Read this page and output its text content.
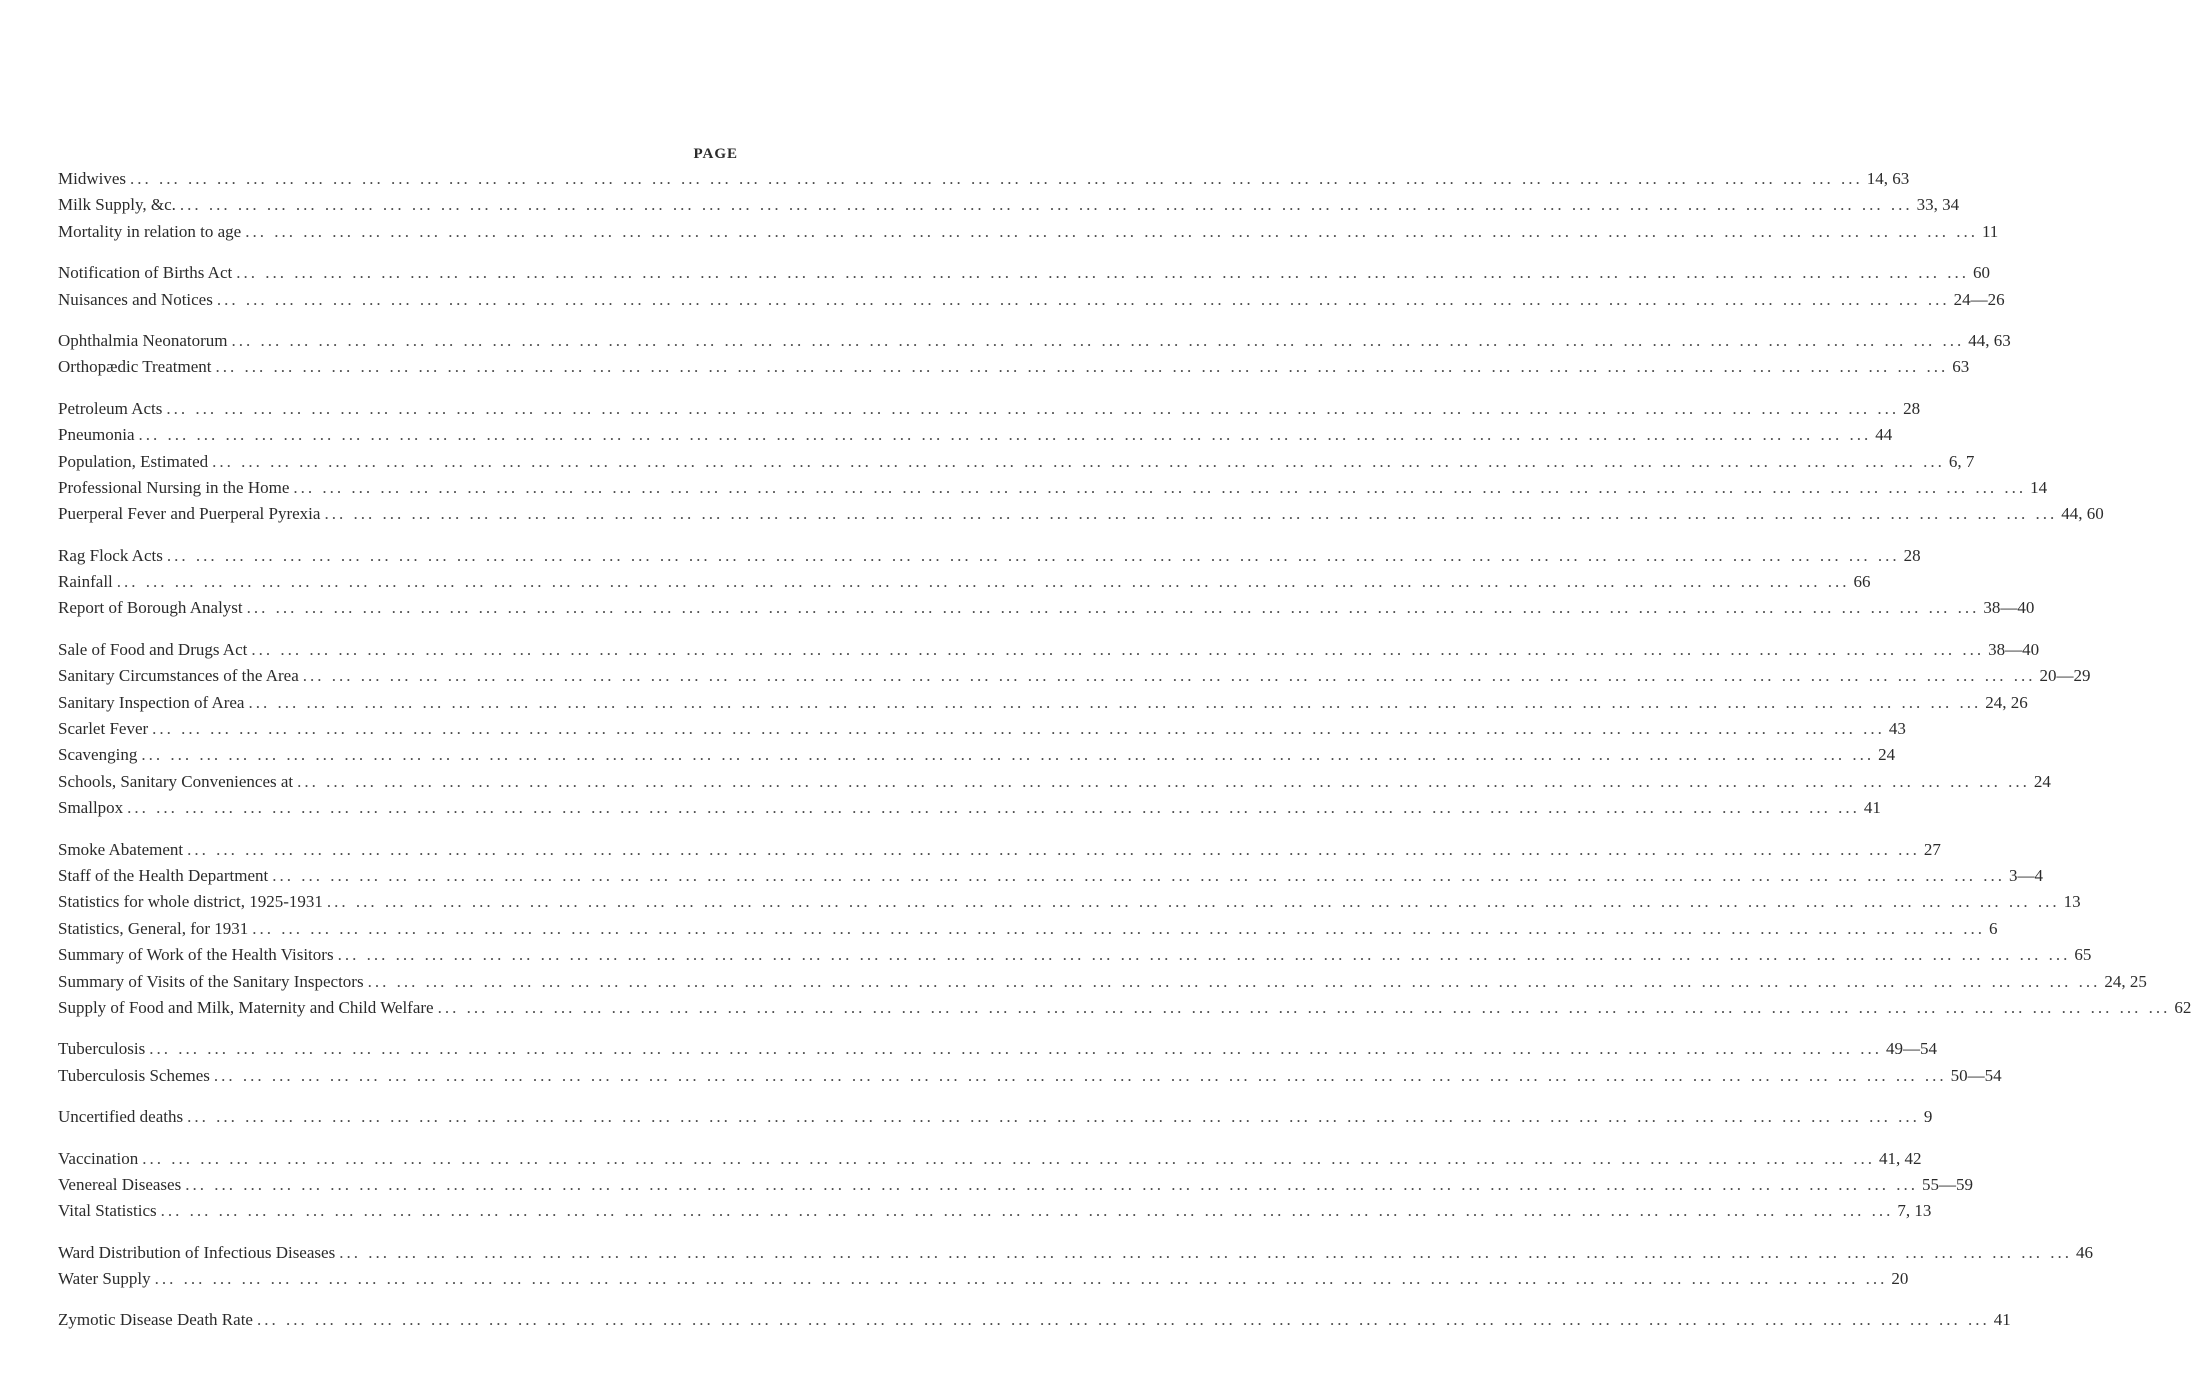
PAGE
Midwives ... ... ... ... ... ... ... ... ... ... ... ... ... ... ... ... ... ... ... ... ... ... ... ... ... ... ... ... ... ... ... ... ... ... ... ... ... ... ... ... ... ... ... ... ... ... ... ... ... ... ... ... ... ... ... ... ... ... ... ... 14, 63
Milk Supply, &c. ... ... ... ... ... ... ... ... ... ... ... ... ... ... ... ... ... ... ... ... ... ... ... ... ... ... ... ... ... ... ... ... ... ... ... ... ... ... ... ... ... ... ... ... ... ... ... ... ... ... ... ... ... ... ... ... ... ... ... ... 33, 34
Mortality in relation to age ... ... ... ... ... ... ... ... ... ... ... ... ... ... ... ... ... ... ... ... ... ... ... ... ... ... ... ... ... ... ... ... ... ... ... ... ... ... ... ... ... ... ... ... ... ... ... ... ... ... ... ... ... ... ... ... ... ... ... ... 11
Notification of Births Act ... ... ... ... ... ... ... ... ... ... ... ... ... ... ... ... ... ... ... ... ... ... ... ... ... ... ... ... ... ... ... ... ... ... ... ... ... ... ... ... ... ... ... ... ... ... ... ... ... ... ... ... ... ... ... ... ... ... ... ... 60
Nuisances and Notices ... ... ... ... ... ... ... ... ... ... ... ... ... ... ... ... ... ... ... ... ... ... ... ... ... ... ... ... ... ... ... ... ... ... ... ... ... ... ... ... ... ... ... ... ... ... ... ... ... ... ... ... ... ... ... ... ... ... ... ... 24—26
Ophthalmia Neonatorum ... ... ... ... ... ... ... ... ... ... ... ... ... ... ... ... ... ... ... ... ... ... ... ... ... ... ... ... ... ... ... ... ... ... ... ... ... ... ... ... ... ... ... ... ... ... ... ... ... ... ... ... ... ... ... ... ... ... ... ... 44, 63
Orthopædic Treatment ... ... ... ... ... ... ... ... ... ... ... ... ... ... ... ... ... ... ... ... ... ... ... ... ... ... ... ... ... ... ... ... ... ... ... ... ... ... ... ... ... ... ... ... ... ... ... ... ... ... ... ... ... ... ... ... ... ... ... ... 63
Petroleum Acts ... ... ... ... ... ... ... ... ... ... ... ... ... ... ... ... ... ... ... ... ... ... ... ... ... ... ... ... ... ... ... ... ... ... ... ... ... ... ... ... ... ... ... ... ... ... ... ... ... ... ... ... ... ... ... ... ... ... ... ... 28
Pneumonia ... ... ... ... ... ... ... ... ... ... ... ... ... ... ... ... ... ... ... ... ... ... ... ... ... ... ... ... ... ... ... ... ... ... ... ... ... ... ... ... ... ... ... ... ... ... ... ... ... ... ... ... ... ... ... ... ... ... ... ... 44
Population, Estimated ... ... ... ... ... ... ... ... ... ... ... ... ... ... ... ... ... ... ... ... ... ... ... ... ... ... ... ... ... ... ... ... ... ... ... ... ... ... ... ... ... ... ... ... ... ... ... ... ... ... ... ... ... ... ... ... ... ... ... ... 6, 7
Professional Nursing in the Home ... ... ... ... ... ... ... ... ... ... ... ... ... ... ... ... ... ... ... ... ... ... ... ... ... ... ... ... ... ... ... ... ... ... ... ... ... ... ... ... ... ... ... ... ... ... ... ... ... ... ... ... ... ... ... ... ... ... ... ... 14
Puerperal Fever and Puerperal Pyrexia ... ... ... ... ... ... ... ... ... ... ... ... ... ... ... ... ... ... ... ... ... ... ... ... ... ... ... ... ... ... ... ... ... ... ... ... ... ... ... ... ... ... ... ... ... ... ... ... ... ... ... ... ... ... ... ... ... ... ... ... 44, 60
Rag Flock Acts ... ... ... ... ... ... ... ... ... ... ... ... ... ... ... ... ... ... ... ... ... ... ... ... ... ... ... ... ... ... ... ... ... ... ... ... ... ... ... ... ... ... ... ... ... ... ... ... ... ... ... ... ... ... ... ... ... ... ... ... 28
Rainfall ... ... ... ... ... ... ... ... ... ... ... ... ... ... ... ... ... ... ... ... ... ... ... ... ... ... ... ... ... ... ... ... ... ... ... ... ... ... ... ... ... ... ... ... ... ... ... ... ... ... ... ... ... ... ... ... ... ... ... ... 66
Report of Borough Analyst ... ... ... ... ... ... ... ... ... ... ... ... ... ... ... ... ... ... ... ... ... ... ... ... ... ... ... ... ... ... ... ... ... ... ... ... ... ... ... ... ... ... ... ... ... ... ... ... ... ... ... ... ... ... ... ... ... ... ... ... 38—40
Sale of Food and Drugs Act ... ... ... ... ... ... ... ... ... ... ... ... ... ... ... ... ... ... ... ... ... ... ... ... ... ... ... ... ... ... ... ... ... ... ... ... ... ... ... ... ... ... ... ... ... ... ... ... ... ... ... ... ... ... ... ... ... ... ... ... 38—40
Sanitary Circumstances of the Area ... ... ... ... ... ... ... ... ... ... ... ... ... ... ... ... ... ... ... ... ... ... ... ... ... ... ... ... ... ... ... ... ... ... ... ... ... ... ... ... ... ... ... ... ... ... ... ... ... ... ... ... ... ... ... ... ... ... ... ... 20—29
Sanitary Inspection of Area ... ... ... ... ... ... ... ... ... ... ... ... ... ... ... ... ... ... ... ... ... ... ... ... ... ... ... ... ... ... ... ... ... ... ... ... ... ... ... ... ... ... ... ... ... ... ... ... ... ... ... ... ... ... ... ... ... ... ... ... 24, 26
Scarlet Fever ... ... ... ... ... ... ... ... ... ... ... ... ... ... ... ... ... ... ... ... ... ... ... ... ... ... ... ... ... ... ... ... ... ... ... ... ... ... ... ... ... ... ... ... ... ... ... ... ... ... ... ... ... ... ... ... ... ... ... ... 43
Scavenging ... ... ... ... ... ... ... ... ... ... ... ... ... ... ... ... ... ... ... ... ... ... ... ... ... ... ... ... ... ... ... ... ... ... ... ... ... ... ... ... ... ... ... ... ... ... ... ... ... ... ... ... ... ... ... ... ... ... ... ... 24
Schools, Sanitary Conveniences at ... ... ... ... ... ... ... ... ... ... ... ... ... ... ... ... ... ... ... ... ... ... ... ... ... ... ... ... ... ... ... ... ... ... ... ... ... ... ... ... ... ... ... ... ... ... ... ... ... ... ... ... ... ... ... ... ... ... ... ... 24
Smallpox ... ... ... ... ... ... ... ... ... ... ... ... ... ... ... ... ... ... ... ... ... ... ... ... ... ... ... ... ... ... ... ... ... ... ... ... ... ... ... ... ... ... ... ... ... ... ... ... ... ... ... ... ... ... ... ... ... ... ... ... 41
Smoke Abatement ... ... ... ... ... ... ... ... ... ... ... ... ... ... ... ... ... ... ... ... ... ... ... ... ... ... ... ... ... ... ... ... ... ... ... ... ... ... ... ... ... ... ... ... ... ... ... ... ... ... ... ... ... ... ... ... ... ... ... ... 27
Staff of the Health Department ... ... ... ... ... ... ... ... ... ... ... ... ... ... ... ... ... ... ... ... ... ... ... ... ... ... ... ... ... ... ... ... ... ... ... ... ... ... ... ... ... ... ... ... ... ... ... ... ... ... ... ... ... ... ... ... ... ... ... ... 3—4
Statistics for whole district, 1925-1931 ... ... ... ... ... ... ... ... ... ... ... ... ... ... ... ... ... ... ... ... ... ... ... ... ... ... ... ... ... ... ... ... ... ... ... ... ... ... ... ... ... ... ... ... ... ... ... ... ... ... ... ... ... ... ... ... ... ... ... ... 13
Statistics, General, for 1931 ... ... ... ... ... ... ... ... ... ... ... ... ... ... ... ... ... ... ... ... ... ... ... ... ... ... ... ... ... ... ... ... ... ... ... ... ... ... ... ... ... ... ... ... ... ... ... ... ... ... ... ... ... ... ... ... ... ... ... ... 6
Summary of Work of the Health Visitors ... ... ... ... ... ... ... ... ... ... ... ... ... ... ... ... ... ... ... ... ... ... ... ... ... ... ... ... ... ... ... ... ... ... ... ... ... ... ... ... ... ... ... ... ... ... ... ... ... ... ... ... ... ... ... ... ... ... ... ... 65
Summary of Visits of the Sanitary Inspectors ... ... ... ... ... ... ... ... ... ... ... ... ... ... ... ... ... ... ... ... ... ... ... ... ... ... ... ... ... ... ... ... ... ... ... ... ... ... ... ... ... ... ... ... ... ... ... ... ... ... ... ... ... ... ... ... ... ... ... ... 24, 25
Supply of Food and Milk, Maternity and Child Welfare ... ... ... ... ... ... ... ... ... ... ... ... ... ... ... ... ... ... ... ... ... ... ... ... ... ... ... ... ... ... ... ... ... ... ... ... ... ... ... ... ... ... ... ... ... ... ... ... ... ... ... ... ... ... ... ... ... ... ... ... 62
Tuberculosis ... ... ... ... ... ... ... ... ... ... ... ... ... ... ... ... ... ... ... ... ... ... ... ... ... ... ... ... ... ... ... ... ... ... ... ... ... ... ... ... ... ... ... ... ... ... ... ... ... ... ... ... ... ... ... ... ... ... ... ... 49—54
Tuberculosis Schemes ... ... ... ... ... ... ... ... ... ... ... ... ... ... ... ... ... ... ... ... ... ... ... ... ... ... ... ... ... ... ... ... ... ... ... ... ... ... ... ... ... ... ... ... ... ... ... ... ... ... ... ... ... ... ... ... ... ... ... ... 50—54
Uncertified deaths ... ... ... ... ... ... ... ... ... ... ... ... ... ... ... ... ... ... ... ... ... ... ... ... ... ... ... ... ... ... ... ... ... ... ... ... ... ... ... ... ... ... ... ... ... ... ... ... ... ... ... ... ... ... ... ... ... ... ... ... 9
Vaccination ... ... ... ... ... ... ... ... ... ... ... ... ... ... ... ... ... ... ... ... ... ... ... ... ... ... ... ... ... ... ... ... ... ... ... ... ... ... ... ... ... ... ... ... ... ... ... ... ... ... ... ... ... ... ... ... ... ... ... ... 41, 42
Venereal Diseases ... ... ... ... ... ... ... ... ... ... ... ... ... ... ... ... ... ... ... ... ... ... ... ... ... ... ... ... ... ... ... ... ... ... ... ... ... ... ... ... ... ... ... ... ... ... ... ... ... ... ... ... ... ... ... ... ... ... ... ... 55—59
Vital Statistics ... ... ... ... ... ... ... ... ... ... ... ... ... ... ... ... ... ... ... ... ... ... ... ... ... ... ... ... ... ... ... ... ... ... ... ... ... ... ... ... ... ... ... ... ... ... ... ... ... ... ... ... ... ... ... ... ... ... ... ... 7, 13
Ward Distribution of Infectious Diseases ... ... ... ... ... ... ... ... ... ... ... ... ... ... ... ... ... ... ... ... ... ... ... ... ... ... ... ... ... ... ... ... ... ... ... ... ... ... ... ... ... ... ... ... ... ... ... ... ... ... ... ... ... ... ... ... ... ... ... ... 46
Water Supply ... ... ... ... ... ... ... ... ... ... ... ... ... ... ... ... ... ... ... ... ... ... ... ... ... ... ... ... ... ... ... ... ... ... ... ... ... ... ... ... ... ... ... ... ... ... ... ... ... ... ... ... ... ... ... ... ... ... ... ... 20
Zymotic Disease Death Rate ... ... ... ... ... ... ... ... ... ... ... ... ... ... ... ... ... ... ... ... ... ... ... ... ... ... ... ... ... ... ... ... ... ... ... ... ... ... ... ... ... ... ... ... ... ... ... ... ... ... ... ... ... ... ... ... ... ... ... ... 41
